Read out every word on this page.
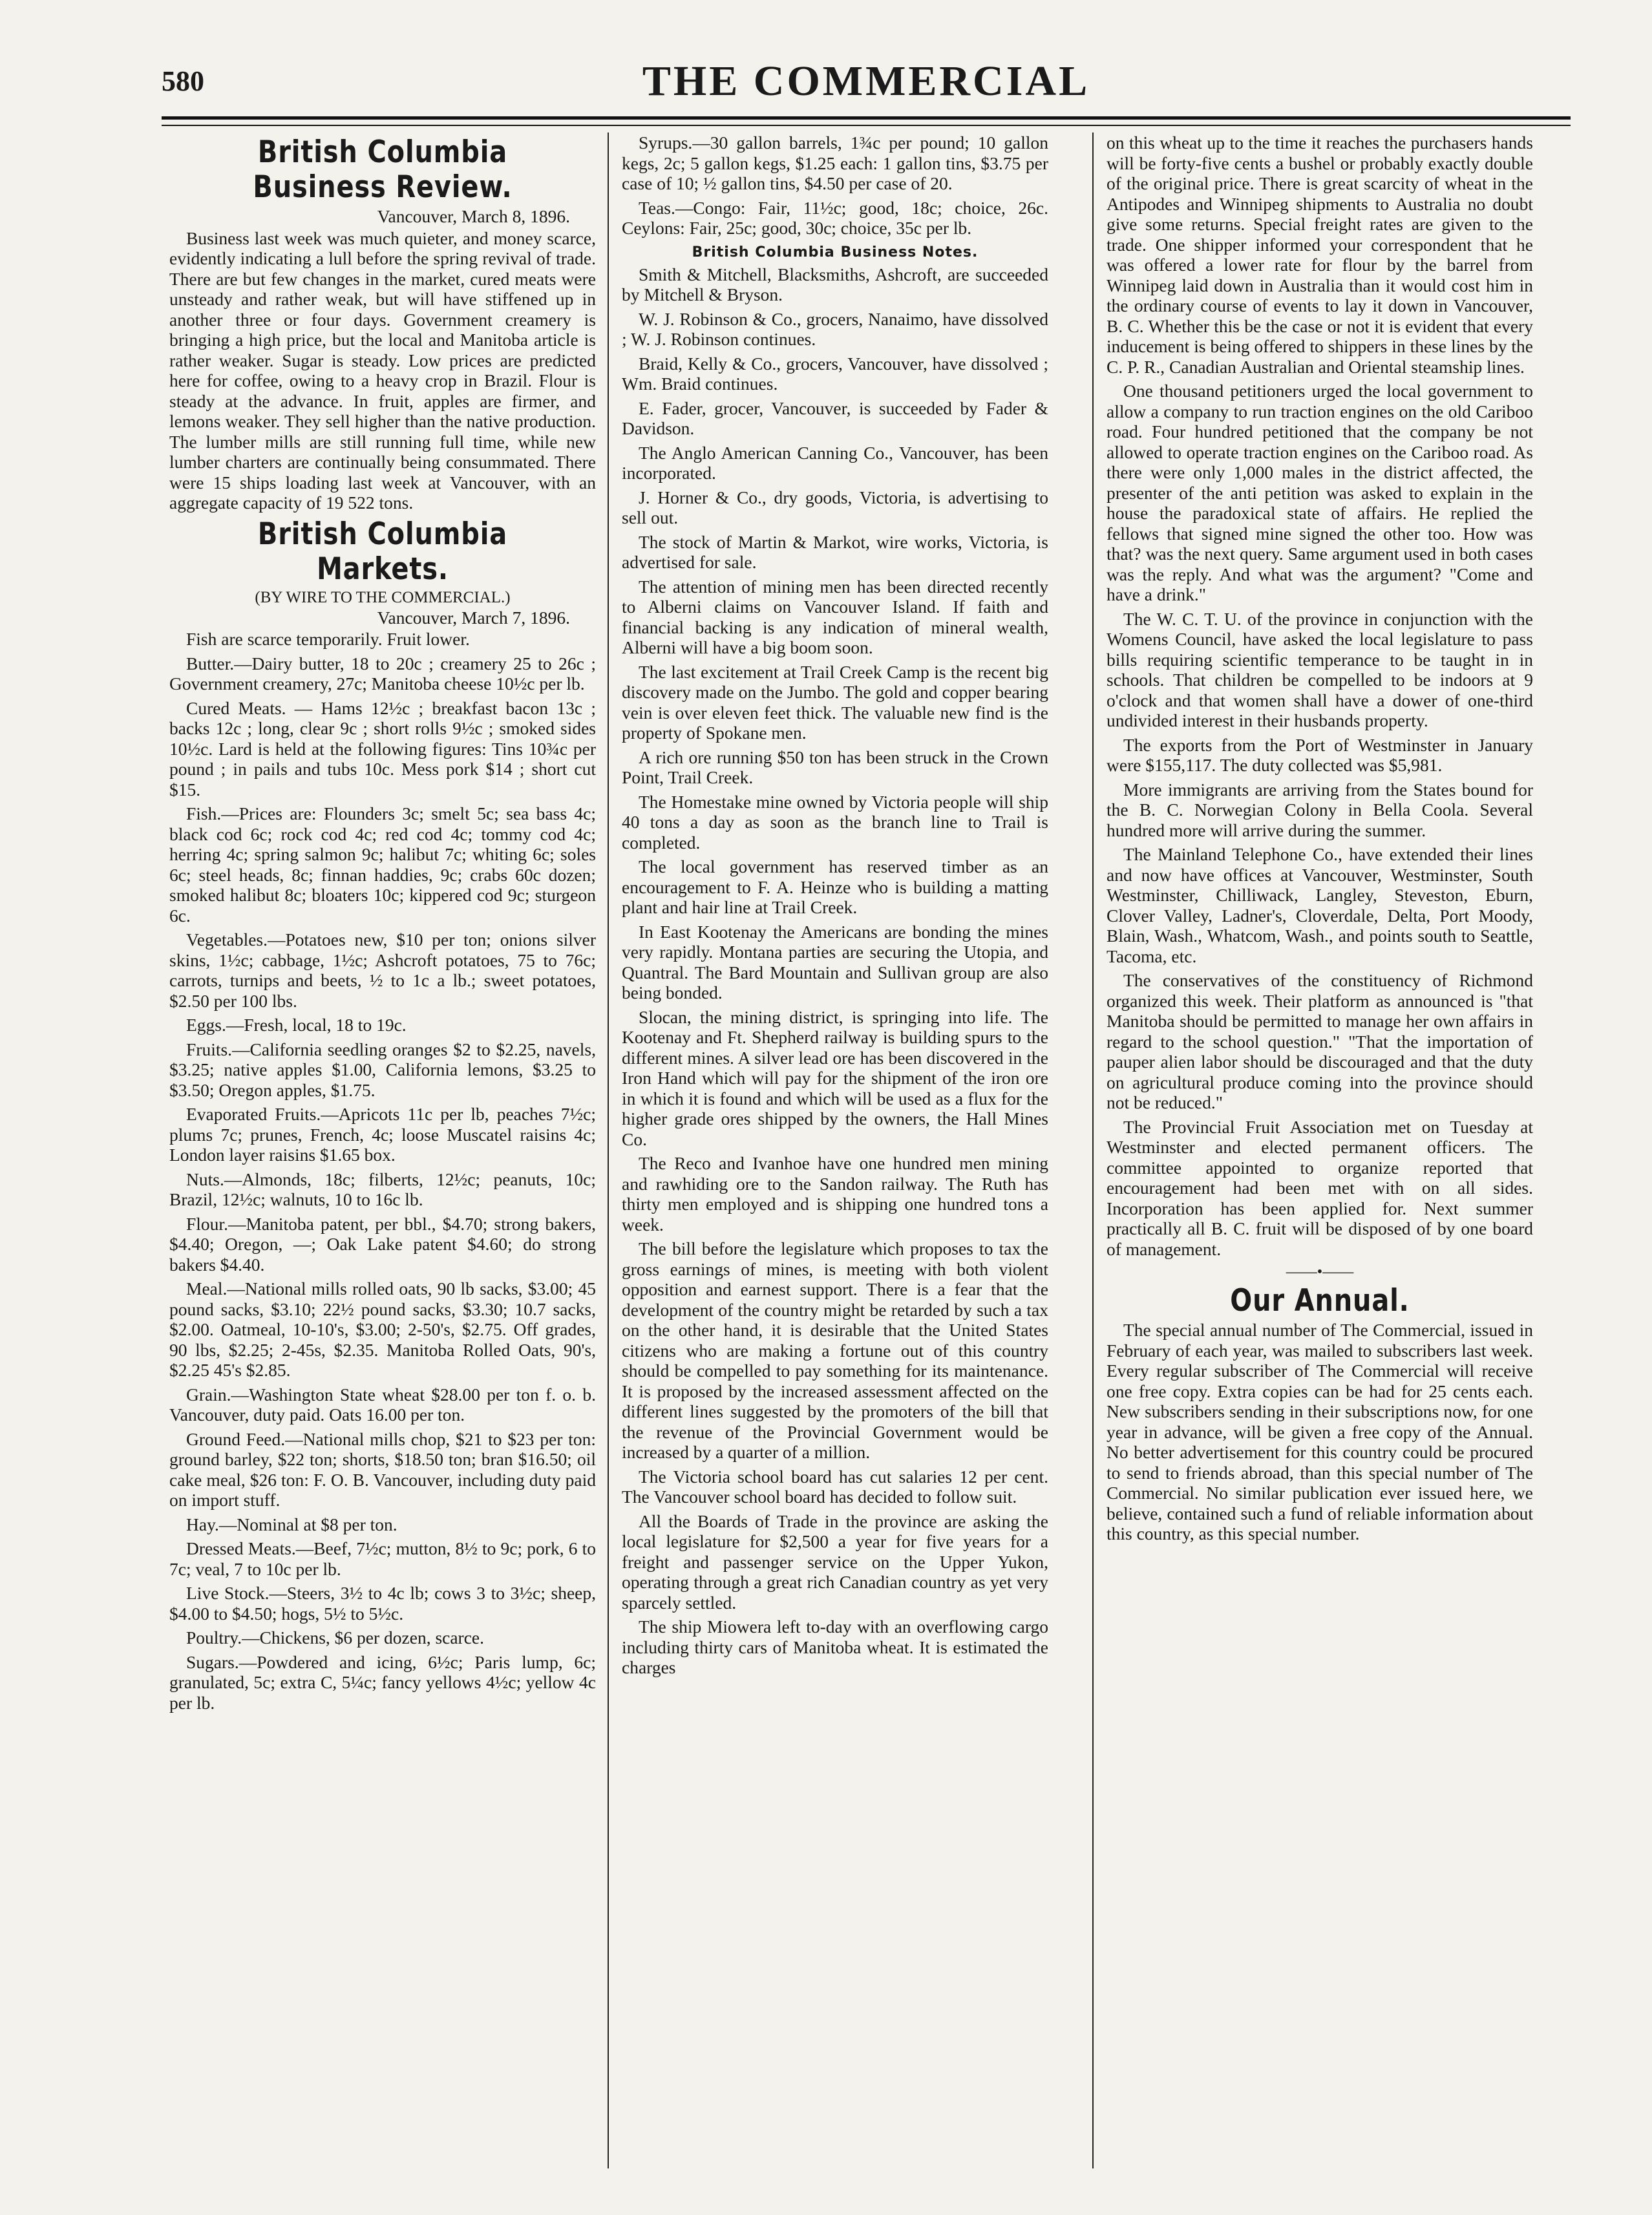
580	THE COMMERCIAL
British Columbia Business Review.
Vancouver, March 8, 1896.

Business last week was much quieter, and money scarce, evidently indicating a lull before the spring revival of trade. There are but few changes in the market, cured meats were unsteady and rather weak, but will have stiffened up in another three or four days. Government creamery is bringing a high price, but the local and Manitoba article is rather weaker. Sugar is steady. Low prices are predicted here for coffee, owing to a heavy crop in Brazil. Flour is steady at the advance. In fruit, apples are firmer, and lemons weaker. They sell higher than the native production. The lumber mills are still running full time, while new lumber charters are continually being consummated. There were 15 ships loading last week at Vancouver, with an aggregate capacity of 19 522 tons.

British Columbia Markets.
(BY WIRE TO THE COMMERCIAL.)
Vancouver, March 7, 1896.

Fish are scarce temporarily. Fruit lower.

Butter.—Dairy butter, 18 to 20c ; creamery 25 to 26c ; Government creamery, 27c; Manitoba cheese 10½c per lb.

Cured Meats. — Hams 12½c ; breakfast bacon 13c ; backs 12c ; long, clear 9c ; short rolls 9½c ; smoked sides 10½c. Lard is held at the following figures: Tins 10¾c per pound ; in pails and tubs 10c. Mess pork $14 ; short cut $15.

Fish.—Prices are: Flounders 3c; smelt 5c; sea bass 4c; black cod 6c; rock cod 4c; red cod 4c; tommy cod 4c; herring 4c; spring salmon 9c; halibut 7c; whiting 6c; soles 6c; steel heads, 8c; finnan haddies, 9c; crabs 60c dozen; smoked halibut 8c; bloaters 10c; kippered cod 9c; sturgeon 6c.

Vegetables.—Potatoes new, $10 per ton; onions silver skins, 1½c; cabbage, 1½c; Ashcroft potatoes, 75 to 76c; carrots, turnips and beets, ½ to 1c a lb.; sweet potatoes, $2.50 per 100 lbs.

Eggs.—Fresh, local, 18 to 19c.

Fruits.—California seedling oranges $2 to $2.25, navels, $3.25; native apples $1.00, California lemons, $3.25 to $3.50; Oregon apples, $1.75.

Evaporated Fruits.—Apricots 11c per lb, peaches 7½c; plums 7c; prunes, French, 4c; loose Muscatel raisins 4c; London layer raisins $1.65 box.

Nuts.—Almonds, 18c; filberts, 12½c; peanuts, 10c; Brazil, 12½c; walnuts, 10 to 16c lb.

Flour.—Manitoba patent, per bbl., $4.70; strong bakers, $4.40; Oregon, —; Oak Lake patent $4.60; do strong bakers $4.40.

Meal.—National mills rolled oats, 90 lb sacks, $3.00; 45 pound sacks, $3.10; 22½ pound sacks, $3.30; 10.7 sacks, $2.00. Oatmeal, 10-10's, $3.00; 2-50's, $2.75. Off grades, 90 lbs, $2.25; 2-45s, $2.35. Manitoba Rolled Oats, 90's, $2.25 45's $2.85.

Grain.—Washington State wheat $28.00 per ton f. o. b. Vancouver, duty paid. Oats 16.00 per ton.

Ground Feed.—National mills chop, $21 to $23 per ton: ground barley, $22 ton; shorts, $18.50 ton; bran $16.50; oil cake meal, $26 ton: F. O. B. Vancouver, including duty paid on import stuff.

Hay.—Nominal at $8 per ton.

Dressed Meats.—Beef, 7½c; mutton, 8½ to 9c; pork, 6 to 7c; veal, 7 to 10c per lb.

Live Stock.—Steers, 3½ to 4c lb; cows 3 to 3½c; sheep, $4.00 to $4.50; hogs, 5½ to 5½c.

Poultry.—Chickens, $6 per dozen, scarce.

Sugars.—Powdered and icing, 6½c; Paris lump, 6c; granulated, 5c; extra C, 5¼c; fancy yellows 4½c; yellow 4c per lb.

Syrups.—30 gallon barrels, 1¾c per pound; 10 gallon kegs, 2c; 5 gallon kegs, $1.25 each: 1 gallon tins, $3.75 per case of 10; ½ gallon tins, $4.50 per case of 20.

Teas.—Congo: Fair, 11½c; good, 18c; choice, 26c. Ceylons: Fair, 25c; good, 30c; choice, 35c per lb.

British Columbia Business Notes.

Smith & Mitchell, Blacksmiths, Ashcroft, are succeeded by Mitchell & Bryson.

W. J. Robinson & Co., grocers, Nanaimo, have dissolved ; W. J. Robinson continues.

Braid, Kelly & Co., grocers, Vancouver, have dissolved ; Wm. Braid continues.

E. Fader, grocer, Vancouver, is succeeded by Fader & Davidson.

The Anglo American Canning Co., Vancouver, has been incorporated.

J. Horner & Co., dry goods, Victoria, is advertising to sell out.

The stock of Martin & Markot, wire works, Victoria, is advertised for sale.

The attention of mining men has been directed recently to Alberni claims on Vancouver Island. If faith and financial backing is any indication of mineral wealth, Alberni will have a big boom soon.

The last excitement at Trail Creek Camp is the recent big discovery made on the Jumbo. The gold and copper bearing vein is over eleven feet thick. The valuable new find is the property of Spokane men.

A rich ore running $50 ton has been struck in the Crown Point, Trail Creek.

The Homestake mine owned by Victoria people will ship 40 tons a day as soon as the branch line to Trail is completed.

The local government has reserved timber as an encouragement to F. A. Heinze who is building a matting plant and hair line at Trail Creek.

In East Kootenay the Americans are bonding the mines very rapidly. Montana parties are securing the Utopia, and Quantral. The Bard Mountain and Sullivan group are also being bonded.

Slocan, the mining district, is springing into life. The Kootenay and Ft. Shepherd railway is building spurs to the different mines. A silver lead ore has been discovered in the Iron Hand which will pay for the shipment of the iron ore in which it is found and which will be used as a flux for the higher grade ores shipped by the owners, the Hall Mines Co.

The Reco and Ivanhoe have one hundred men mining and rawhiding ore to the Sandon railway. The Ruth has thirty men employed and is shipping one hundred tons a week.

The bill before the legislature which proposes to tax the gross earnings of mines, is meeting with both violent opposition and earnest support. There is a fear that the development of the country might be retarded by such a tax on the other hand, it is desirable that the United States citizens who are making a fortune out of this country should be compelled to pay something for its maintenance. It is proposed by the increased assessment affected on the different lines suggested by the promoters of the bill that the revenue of the Provincial Government would be increased by a quarter of a million.

The Victoria school board has cut salaries 12 per cent. The Vancouver school board has decided to follow suit.

All the Boards of Trade in the province are asking the local legislature for $2,500 a year for five years for a freight and passenger service on the Upper Yukon, operating through a great rich Canadian country as yet very sparcely settled.

The ship Miowera left to-day with an overflowing cargo including thirty cars of Manitoba wheat. It is estimated the charges

on this wheat up to the time it reaches the purchasers hands will be forty-five cents a bushel or probably exactly double of the original price. There is great scarcity of wheat in the Antipodes and Winnipeg shipments to Australia no doubt give some returns. Special freight rates are given to the trade. One shipper informed your correspondent that he was offered a lower rate for flour by the barrel from Winnipeg laid down in Australia than it would cost him in the ordinary course of events to lay it down in Vancouver, B. C. Whether this be the case or not it is evident that every inducement is being offered to shippers in these lines by the C. P. R., Canadian Australian and Oriental steamship lines.

One thousand petitioners urged the local government to allow a company to run traction engines on the old Cariboo road. Four hundred petitioned that the company be not allowed to operate traction engines on the Cariboo road. As there were only 1,000 males in the district affected, the presenter of the anti petition was asked to explain in the house the paradoxical state of affairs. He replied the fellows that signed mine signed the other too. How was that? was the next query. Same argument used in both cases was the reply. And what was the argument? "Come and have a drink."

The W. C. T. U. of the province in conjunction with the Womens Council, have asked the local legislature to pass bills requiring scientific temperance to be taught in in schools. That children be compelled to be indoors at 9 o'clock and that women shall have a dower of one-third undivided interest in their husbands property.

The exports from the Port of Westminster in January were $155,117. The duty collected was $5,981.

More immigrants are arriving from the States bound for the B. C. Norwegian Colony in Bella Coola. Several hundred more will arrive during the summer.

The Mainland Telephone Co., have extended their lines and now have offices at Vancouver, Westminster, South Westminster, Chilliwack, Langley, Steveston, Eburn, Clover Valley, Ladner's, Cloverdale, Delta, Port Moody, Blain, Wash., Whatcom, Wash., and points south to Seattle, Tacoma, etc.

The conservatives of the constituency of Richmond organized this week. Their platform as announced is "that Manitoba should be permitted to manage her own affairs in regard to the school question." "That the importation of pauper alien labor should be discouraged and that the duty on agricultural produce coming into the province should not be reduced."

The Provincial Fruit Association met on Tuesday at Westminster and elected permanent officers. The committee appointed to organize reported that encouragement had been met with on all sides. Incorporation has been applied for. Next summer practically all B. C. fruit will be disposed of by one board of management.

——•——
Our Annual.

The special annual number of The Commercial, issued in February of each year, was mailed to subscribers last week. Every regular subscriber of The Commercial will receive one free copy. Extra copies can be had for 25 cents each. New subscribers sending in their subscriptions now, for one year in advance, will be given a free copy of the Annual. No better advertisement for this country could be procured to send to friends abroad, than this special number of The Commercial. No similar publication ever issued here, we believe, contained such a fund of reliable information about this country, as this special number.
